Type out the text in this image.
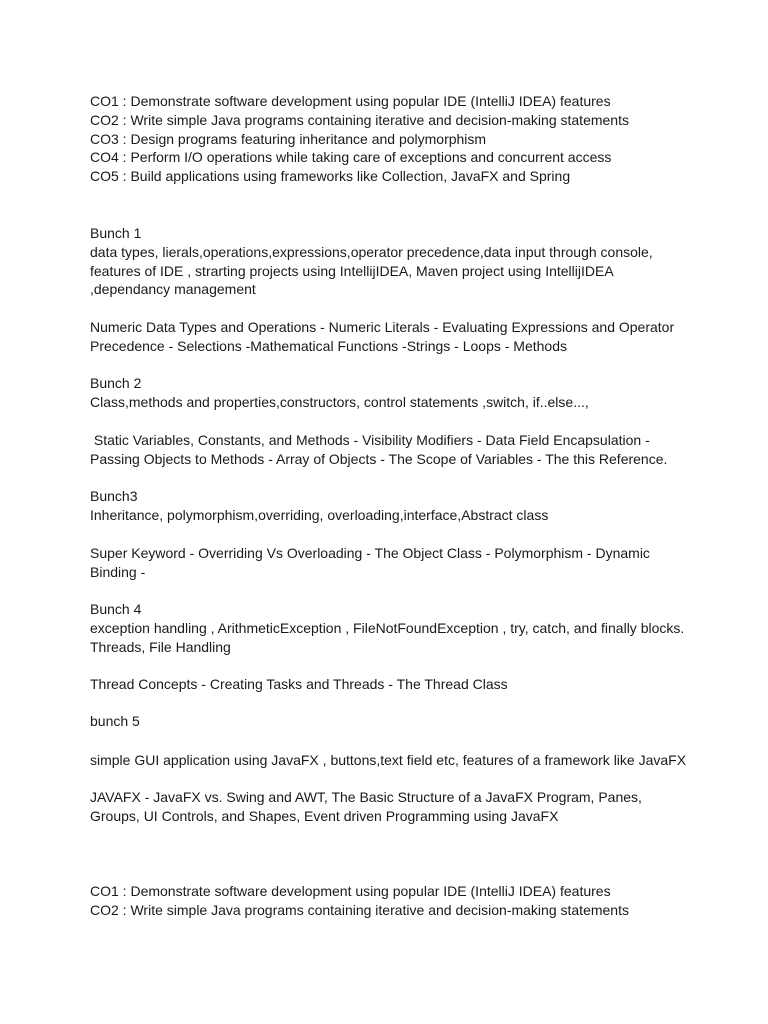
CO1 : Demonstrate software development using popular IDE (IntelliJ IDEA) features

CO2 : Write simple Java programs containing iterative and decision-making statements

CO3 : Design programs featuring inheritance and polymorphism

CO4 : Perform I/O operations while taking care of exceptions and concurrent access

CO5 : Build applications using frameworks like Collection, JavaFX and Spring

Bunch 1

data types, lierals,operations,expressions,operator precedence,data input through console,

features of IDE , strarting projects using IntellijIDEA, Maven project using IntellijIDEA

,dependancy management

Numeric Data Types and Operations - Numeric Literals - Evaluating Expressions and Operator

Precedence - Selections -Mathematical Functions -Strings - Loops - Methods

Bunch 2

Class,methods and properties,constructors, control statements ,switch, if..else...,

Static Variables, Constants, and Methods - Visibility Modifiers - Data Field Encapsulation -

Passing Objects to Methods - Array of Objects - The Scope of Variables - The this Reference.

Bunch3

Inheritance, polymorphism,overriding, overloading,interface,Abstract class

Super Keyword - Overriding Vs Overloading - The Object Class - Polymorphism - Dynamic

Binding -

Bunch 4

exception handling , ArithmeticException , FileNotFoundException , try, catch, and finally blocks.

Threads, File Handling

Thread Concepts - Creating Tasks and Threads - The Thread Class

bunch 5

simple GUI application using JavaFX , buttons,text field etc, features of a framework like JavaFX

JAVAFX - JavaFX vs. Swing and AWT, The Basic Structure of a JavaFX Program, Panes,

Groups, UI Controls, and Shapes, Event driven Programming using JavaFX

CO1 : Demonstrate software development using popular IDE (IntelliJ IDEA) features

CO2 : Write simple Java programs containing iterative and decision-making statements
